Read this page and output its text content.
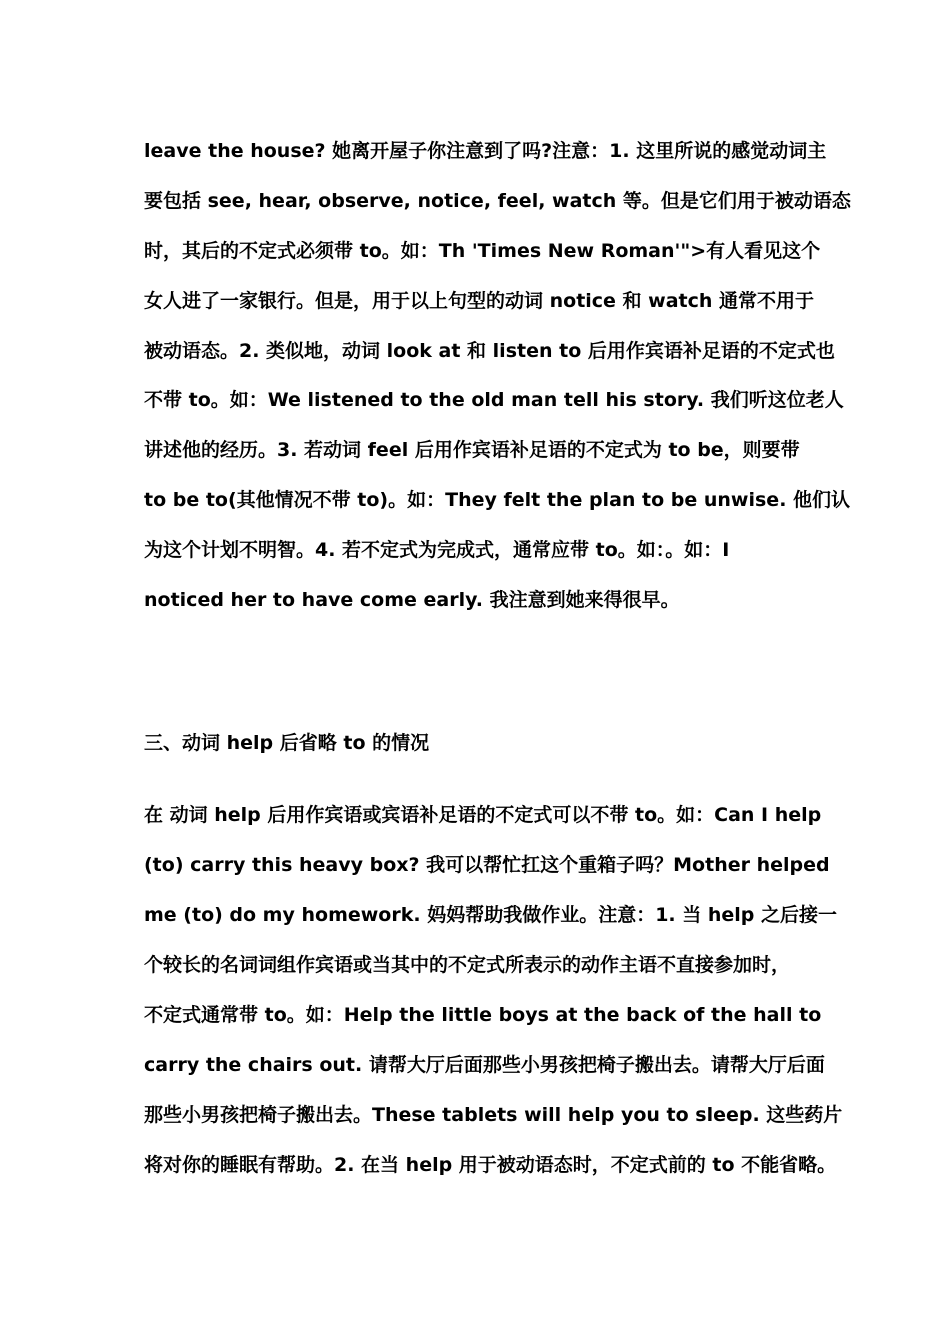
leave the house? 她离开屋子你注意到了吗?注意：1. 这里所说的感觉动词主
要包括 see, hear, observe, notice, feel, watch 等。但是它们用于被动语态
时，其后的不定式必须带 to。如：Th 'Times New Roman'">有人看见这个
女人进了一家银行。但是，用于以上句型的动词 notice 和 watch 通常不用于
被动语态。2. 类似地，动词 look at 和 listen to 后用作宾语补足语的不定式也
不带 to。如：We listened to the old man tell his story. 我们听这位老人
讲述他的经历。3. 若动词 feel 后用作宾语补足语的不定式为 to be，则要带
to be to(其他情况不带 to)。如：They felt the plan to be unwise. 他们认
为这个计划不明智。4. 若不定式为完成式，通常应带 to。如：。如：I
noticed her to have come early. 我注意到她来得很早。
三、动词 help 后省略 to 的情况
在 动词 help 后用作宾语或宾语补足语的不定式可以不带 to。如：Can I help
(to) carry this heavy box? 我可以帮忙扛这个重箱子吗？Mother helped
me (to) do my homework. 妈妈帮助我做作业。注意：1. 当 help 之后接一
个较长的名词词组作宾语或当其中的不定式所表示的动作主语不直接参加时，
不定式通常带 to。如：Help the little boys at the back of the hall to
carry the chairs out. 请帮大厅后面那些小男孩把椅子搬出去。请帮大厅后面
那些小男孩把椅子搬出去。These tablets will help you to sleep. 这些药片
将对你的睡眠有帮助。2. 在当 help 用于被动语态时，不定式前的 to 不能省略。
